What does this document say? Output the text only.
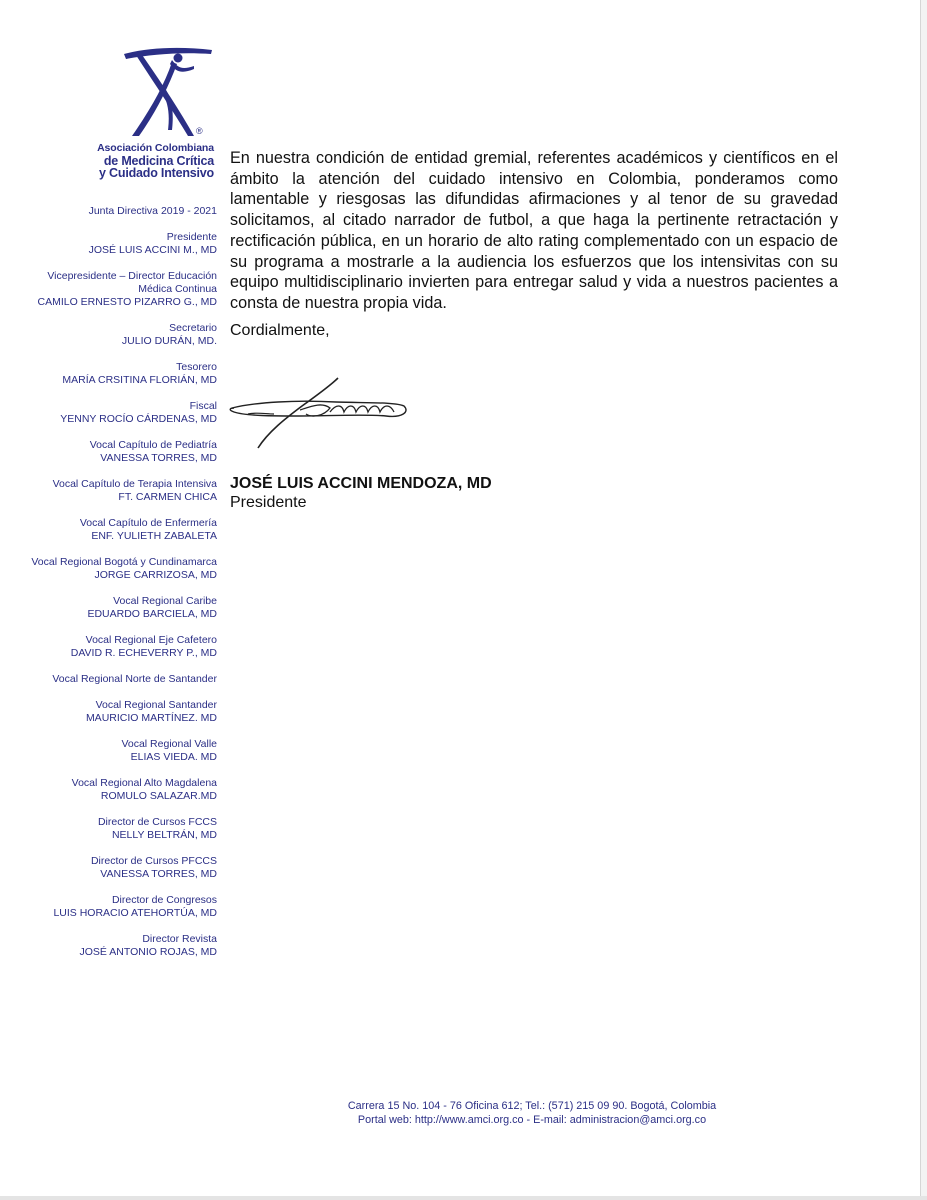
®
Asociación Colombiana
de Medicina Crítica
y Cuidado Intensivo
Junta Directiva 2019 - 2021
Presidente
JOSÉ LUIS ACCINI M., MD
Vicepresidente – Director Educación
Médica Continua
CAMILO ERNESTO PIZARRO G., MD
Secretario
JULIO DURÁN, MD.
Tesorero
MARÍA CRSITINA FLORIÁN, MD
Fiscal
YENNY ROCÍO CÁRDENAS, MD
Vocal Capítulo de Pediatría
VANESSA TORRES, MD
Vocal Capítulo de Terapia Intensiva
FT. CARMEN CHICA
Vocal Capítulo de Enfermería
ENF. YULIETH ZABALETA
Vocal Regional Bogotá y Cundinamarca
JORGE CARRIZOSA, MD
Vocal Regional Caribe
EDUARDO BARCIELA, MD
Vocal Regional Eje Cafetero
DAVID R. ECHEVERRY P., MD
Vocal Regional Norte de Santander
Vocal Regional Santander
MAURICIO MARTÍNEZ. MD
Vocal Regional Valle
ELIAS VIEDA. MD
Vocal Regional Alto Magdalena
ROMULO SALAZAR.MD
Director de Cursos FCCS
NELLY BELTRÁN, MD
Director de Cursos PFCCS
VANESSA TORRES, MD
Director de Congresos
LUIS HORACIO ATEHORTÚA, MD
Director Revista
JOSÉ ANTONIO ROJAS, MD

En nuestra condición de entidad gremial, referentes académicos y científicos en el ámbito la atención del cuidado intensivo en Colombia, ponderamos como lamentable y riesgosas las difundidas afirmaciones y al tenor de su gravedad solicitamos, al citado narrador de futbol, a que haga la pertinente retractación y rectificación pública, en un horario de alto rating complementado con un espacio de su programa a mostrarle a la audiencia los esfuerzos que los intensivitas con su equipo multidisciplinario invierten para entregar salud y vida a nuestros pacientes a consta de nuestra propia vida.

Cordialmente,
JOSÉ LUIS ACCINI MENDOZA, MD
Presidente
Carrera 15 No. 104 - 76 Oficina 612; Tel.: (571) 215 09 90. Bogotá, Colombia
Portal web: http://www.amci.org.co - E-mail: administracion@amci.org.co
